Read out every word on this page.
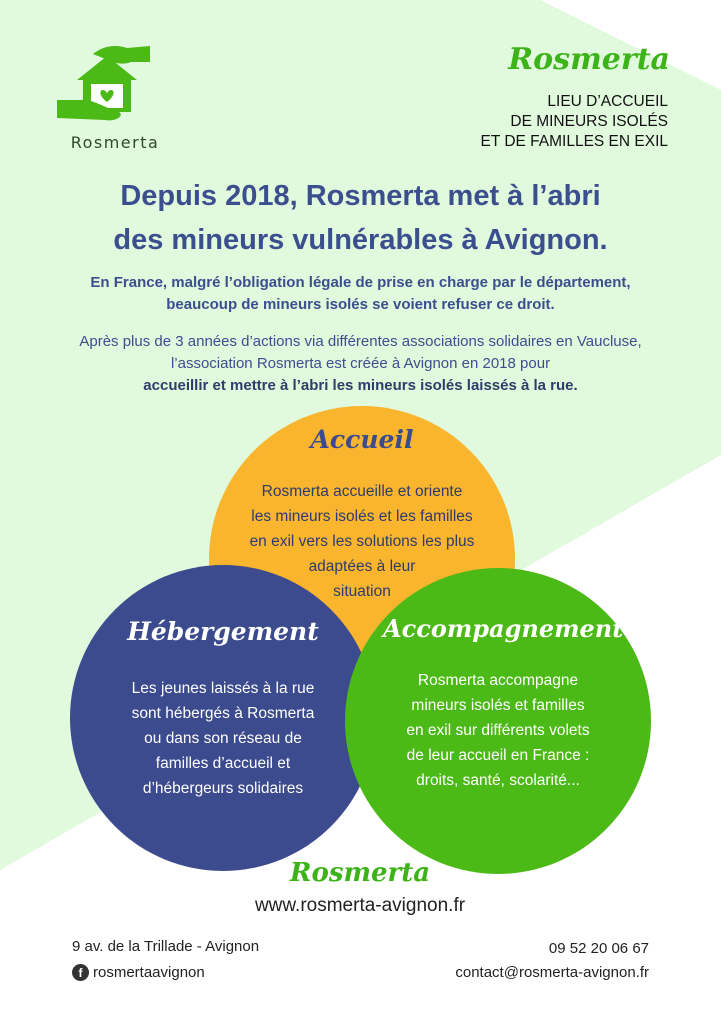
Rosmerta
Rosmerta
LIEU D’ACCUEIL
DE MINEURS ISOLÉS
ET DE FAMILLES EN EXIL
Depuis 2018, Rosmerta met à l’abri
des mineurs vulnérables à Avignon.
En France, malgré l’obligation légale de prise en charge par le département,
beaucoup de mineurs isolés se voient refuser ce droit.
Après plus de 3 années d’actions via différentes associations solidaires en Vaucluse,
l’association Rosmerta est créée à Avignon en 2018 pour
accueillir et mettre à l’abri les mineurs isolés laissés à la rue.
Accueil
Rosmerta accueille et oriente
les mineurs isolés et les familles
en exil vers les solutions les plus
adaptées à leur
situation
Hébergement
Les jeunes laissés à la rue
sont hébergés à Rosmerta
ou dans son réseau de
familles d’accueil et
d’hébergeurs solidaires
Accompagnement
Rosmerta accompagne
mineurs isolés et familles
en exil sur différents volets
de leur accueil en France :
droits, santé, scolarité...
Rosmerta
www.rosmerta-avignon.fr
9 av. de la Trillade - Avignon	09 52 20 06 67
f rosmertaavignon	contact@rosmerta-avignon.fr
